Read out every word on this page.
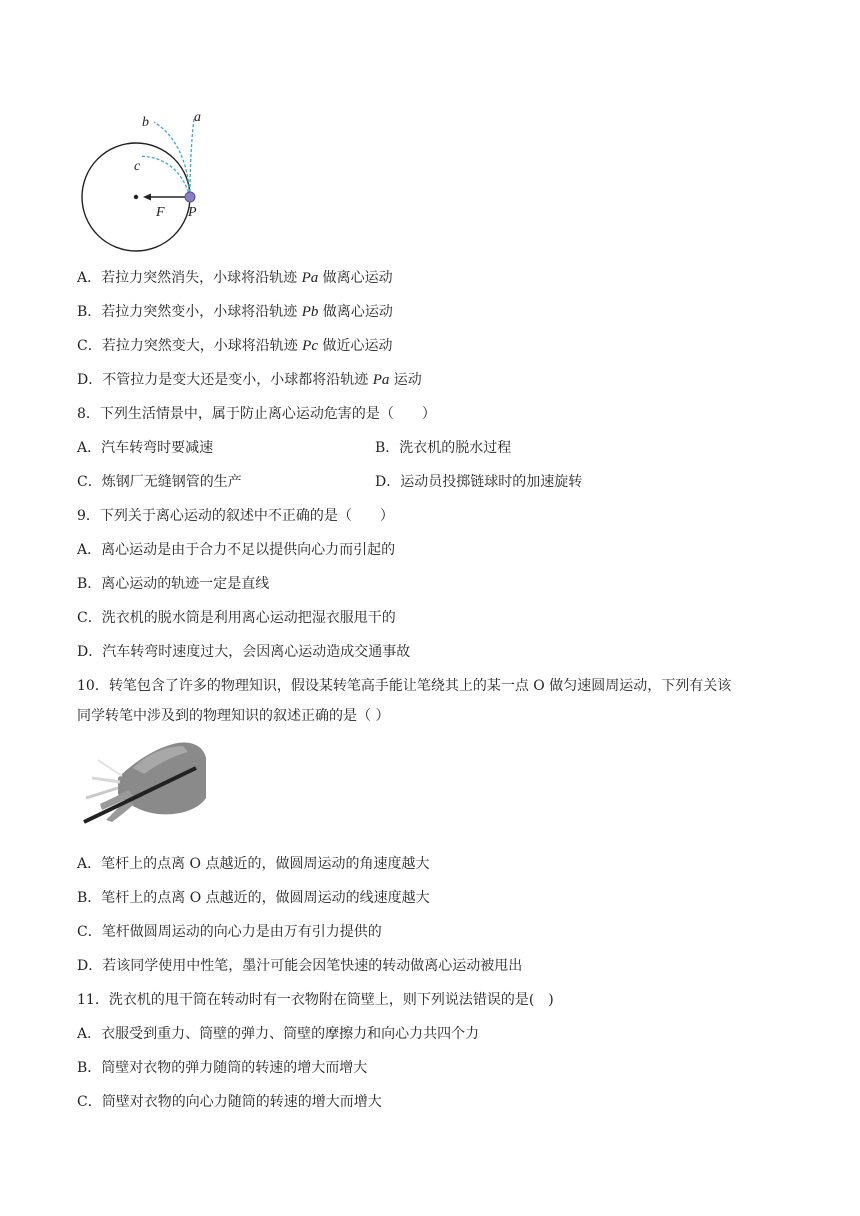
a
b
c
F P
A．若拉力突然消失，小球将沿轨迹 Pa 做离心运动
B．若拉力突然变小，小球将沿轨迹 Pb 做离心运动
C．若拉力突然变大，小球将沿轨迹 Pc 做近心运动
D．不管拉力是变大还是变小，小球都将沿轨迹 Pa 运动
8．下列生活情景中，属于防止离心运动危害的是（　　）
A．汽车转弯时要减速	B．洗衣机的脱水过程
C．炼钢厂无缝钢管的生产	D．运动员投掷链球时的加速旋转
9．下列关于离心运动的叙述中不正确的是（　　）
A．离心运动是由于合力不足以提供向心力而引起的
B．离心运动的轨迹一定是直线
C．洗衣机的脱水筒是利用离心运动把湿衣服甩干的
D．汽车转弯时速度过大，会因离心运动造成交通事故
10．转笔包含了许多的物理知识，假设某转笔高手能让笔绕其上的某一点 O 做匀速圆周运动，下列有关该
同学转笔中涉及到的物理知识的叙述正确的是（ ）
A．笔杆上的点离 O 点越近的，做圆周运动的角速度越大
B．笔杆上的点离 O 点越近的，做圆周运动的线速度越大
C．笔杆做圆周运动的向心力是由万有引力提供的
D．若该同学使用中性笔，墨汁可能会因笔快速的转动做离心运动被甩出
11．洗衣机的甩干筒在转动时有一衣物附在筒壁上，则下列说法错误的是(　)
A．衣服受到重力、筒壁的弹力、筒壁的摩擦力和向心力共四个力
B．筒壁对衣物的弹力随筒的转速的增大而增大
C．筒壁对衣物的向心力随筒的转速的增大而增大
